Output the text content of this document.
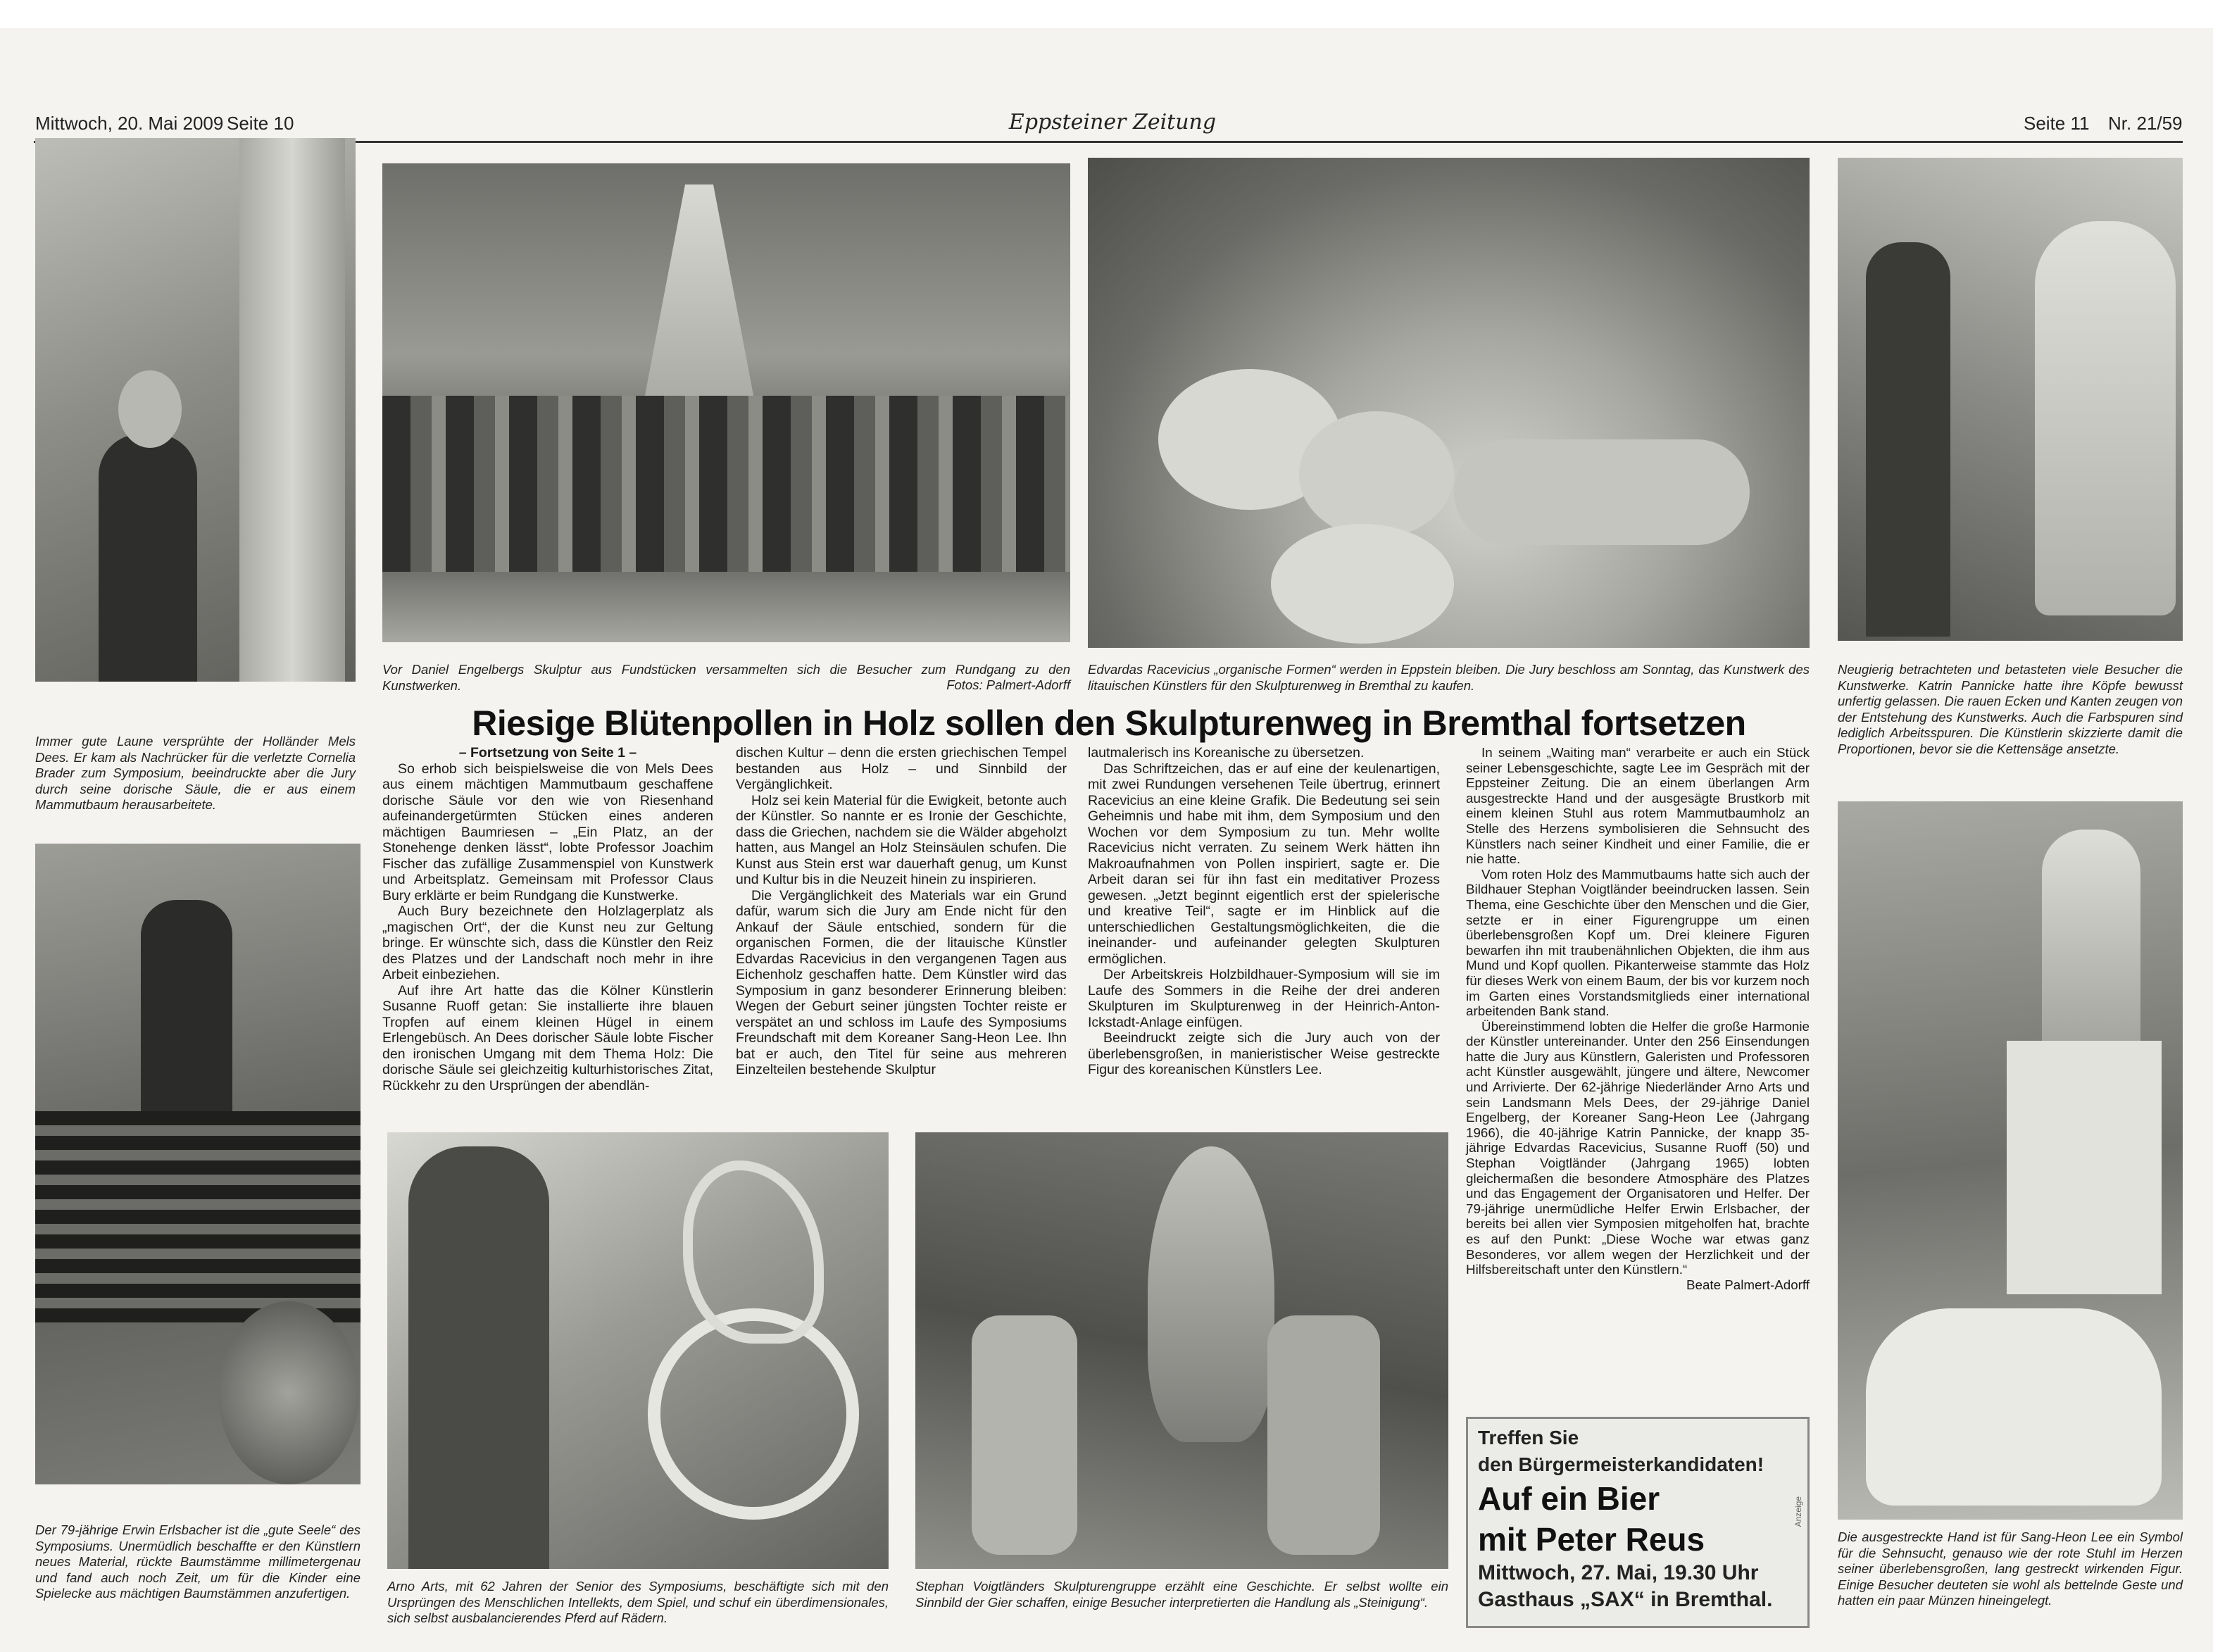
Mittwoch, 20. Mai 2009 Seite 10	Eppsteiner Zeitung	Seite 11 Nr. 21/59
Immer gute Laune versprühte der Holländer Mels Dees. Er kam als Nachrücker für die verletzte Cornelia Brader zum Symposium, beeindruckte aber die Jury durch seine dorische Säule, die er aus einem Mammutbaum herausarbeitete.
Vor Daniel Engelbergs Skulptur aus Fundstücken versammelten sich die Besucher zum Rundgang zu den Kunstwerken.	Fotos: Palmert-Adorff
Edvardas Racevicius „organische Formen“ werden in Eppstein bleiben. Die Jury beschloss am Sonntag, das Kunstwerk des litauischen Künstlers für den Skulpturenweg in Bremthal zu kaufen.
Neugierig betrachteten und betasteten viele Besucher die Kunstwerke. Katrin Pannicke hatte ihre Köpfe bewusst unfertig gelassen. Die rauen Ecken und Kanten zeugen von der Entstehung des Kunstwerks. Auch die Farbspuren sind lediglich Arbeitsspuren. Die Künstlerin skizzierte damit die Proportionen, bevor sie die Kettensäge ansetzte.
Riesige Blütenpollen in Holz sollen den Skulpturenweg in Bremthal fortsetzen

– Fortsetzung von Seite 1 –

So erhob sich beispielsweise die von Mels Dees aus einem mächtigen Mammutbaum geschaffene dorische Säule vor den wie von Riesenhand aufeinandergetürmten Stücken eines anderen mächtigen Baumriesen – „Ein Platz, an der Stonehenge denken lässt“, lobte Professor Joachim Fischer das zufällige Zusammenspiel von Kunstwerk und Arbeitsplatz. Gemeinsam mit Professor Claus Bury erklärte er beim Rundgang die Kunstwerke.

Auch Bury bezeichnete den Holzlagerplatz als „magischen Ort“, der die Kunst neu zur Geltung bringe. Er wünschte sich, dass die Künstler den Reiz des Platzes und der Landschaft noch mehr in ihre Arbeit einbeziehen.

Auf ihre Art hatte das die Kölner Künstlerin Susanne Ruoff getan: Sie installierte ihre blauen Tropfen auf einem kleinen Hügel in einem Erlengebüsch. An Dees dorischer Säule lobte Fischer den ironischen Umgang mit dem Thema Holz: Die dorische Säule sei gleichzeitig kulturhistorisches Zitat, Rückkehr zu den Ursprüngen der abendlän-

dischen Kultur – denn die ersten griechischen Tempel bestanden aus Holz – und Sinnbild der Vergänglichkeit.

Holz sei kein Material für die Ewigkeit, betonte auch der Künstler. So nannte er es Ironie der Geschichte, dass die Griechen, nachdem sie die Wälder abgeholzt hatten, aus Mangel an Holz Steinsäulen schufen. Die Kunst aus Stein erst war dauerhaft genug, um Kunst und Kultur bis in die Neuzeit hinein zu inspirieren.

Die Vergänglichkeit des Materials war ein Grund dafür, warum sich die Jury am Ende nicht für den Ankauf der Säule entschied, sondern für die organischen Formen, die der litauische Künstler Edvardas Racevicius in den vergangenen Tagen aus Eichenholz geschaffen hatte. Dem Künstler wird das Symposium in ganz besonderer Erinnerung bleiben: Wegen der Geburt seiner jüngsten Tochter reiste er verspätet an und schloss im Laufe des Symposiums Freundschaft mit dem Koreaner Sang-Heon Lee. Ihn bat er auch, den Titel für seine aus mehreren Einzelteilen bestehende Skulptur

lautmalerisch ins Koreanische zu übersetzen.

Das Schriftzeichen, das er auf eine der keulenartigen, mit zwei Rundungen versehenen Teile übertrug, erinnert Racevicius an eine kleine Grafik. Die Bedeutung sei sein Geheimnis und habe mit ihm, dem Symposium und den Wochen vor dem Symposium zu tun. Mehr wollte Racevicius nicht verraten. Zu seinem Werk hätten ihn Makroaufnahmen von Pollen inspiriert, sagte er. Die Arbeit daran sei für ihn fast ein meditativer Prozess gewesen. „Jetzt beginnt eigentlich erst der spielerische und kreative Teil“, sagte er im Hinblick auf die unterschiedlichen Gestaltungsmöglichkeiten, die die ineinander- und aufeinander gelegten Skulpturen ermöglichen.

Der Arbeitskreis Holzbildhauer-Symposium will sie im Laufe des Sommers in die Reihe der drei anderen Skulpturen im Skulpturenweg in der Heinrich-Anton-Ickstadt-Anlage einfügen.

Beeindruckt zeigte sich die Jury auch von der überlebensgroßen, in manieristischer Weise gestreckte Figur des koreanischen Künstlers Lee.

In seinem „Waiting man“ verarbeite er auch ein Stück seiner Lebensgeschichte, sagte Lee im Gespräch mit der Eppsteiner Zeitung. Die an einem überlangen Arm ausgestreckte Hand und der ausgesägte Brustkorb mit einem kleinen Stuhl aus rotem Mammutbaumholz an Stelle des Herzens symbolisieren die Sehnsucht des Künstlers nach seiner Kindheit und einer Familie, die er nie hatte.

Vom roten Holz des Mammutbaums hatte sich auch der Bildhauer Stephan Voigtländer beeindrucken lassen. Sein Thema, eine Geschichte über den Menschen und die Gier, setzte er in einer Figurengruppe um einen überlebensgroßen Kopf um. Drei kleinere Figuren bewarfen ihn mit traubenähnlichen Objekten, die ihm aus Mund und Kopf quollen. Pikanterweise stammte das Holz für dieses Werk von einem Baum, der bis vor kurzem noch im Garten eines Vorstandsmitglieds einer international arbeitenden Bank stand.

Übereinstimmend lobten die Helfer die große Harmonie der Künstler untereinander. Unter den 256 Einsendungen hatte die Jury aus Künstlern, Galeristen und Professoren acht Künstler ausgewählt, jüngere und ältere, Newcomer und Arrivierte. Der 62-jährige Niederländer Arno Arts und sein Landsmann Mels Dees, der 29-jährige Daniel Engelberg, der Koreaner Sang-Heon Lee (Jahrgang 1966), die 40-jährige Katrin Pannicke, der knapp 35-jährige Edvardas Racevicius, Susanne Ruoff (50) und Stephan Voigtländer (Jahrgang 1965) lobten gleichermaßen die besondere Atmosphäre des Platzes und das Engagement der Organisatoren und Helfer. Der 79-jährige unermüdliche Helfer Erwin Erlsbacher, der bereits bei allen vier Symposien mitgeholfen hat, brachte es auf den Punkt: „Diese Woche war etwas ganz Besonderes, vor allem wegen der Herzlichkeit und der Hilfsbereitschaft unter den Künstlern.“

Beate Palmert-Adorff

Der 79-jährige Erwin Erlsbacher ist die „gute Seele“ des Symposiums. Unermüdlich beschaffte er den Künstlern neues Material, rückte Baumstämme millimetergenau und fand auch noch Zeit, um für die Kinder eine Spielecke aus mächtigen Baumstämmen anzufertigen.	Arno Arts, mit 62 Jahren der Senior des Symposiums, beschäftigte sich mit den Ursprüngen des Menschlichen Intellekts, dem Spiel, und schuf ein überdimensionales, sich selbst ausbalancierendes Pferd auf Rädern.
Stephan Voigtländers Skulpturengruppe erzählt eine Geschichte. Er selbst wollte ein Sinnbild der Gier schaffen, einige Besucher interpretierten die Handlung als „Steinigung“.
Treffen Sie
den Bürgermeisterkandidaten!
Auf ein Bier
mit Peter Reus
Mittwoch, 27. Mai, 19.30 Uhr
Gasthaus „SAX“ in Bremthal.
Anzeige
Die ausgestreckte Hand ist für Sang-Heon Lee ein Symbol für die Sehnsucht, genauso wie der rote Stuhl im Herzen seiner überlebensgroßen, lang gestreckt wirkenden Figur. Einige Besucher deuteten sie wohl als bettelnde Geste und hatten ein paar Münzen hineingelegt.
